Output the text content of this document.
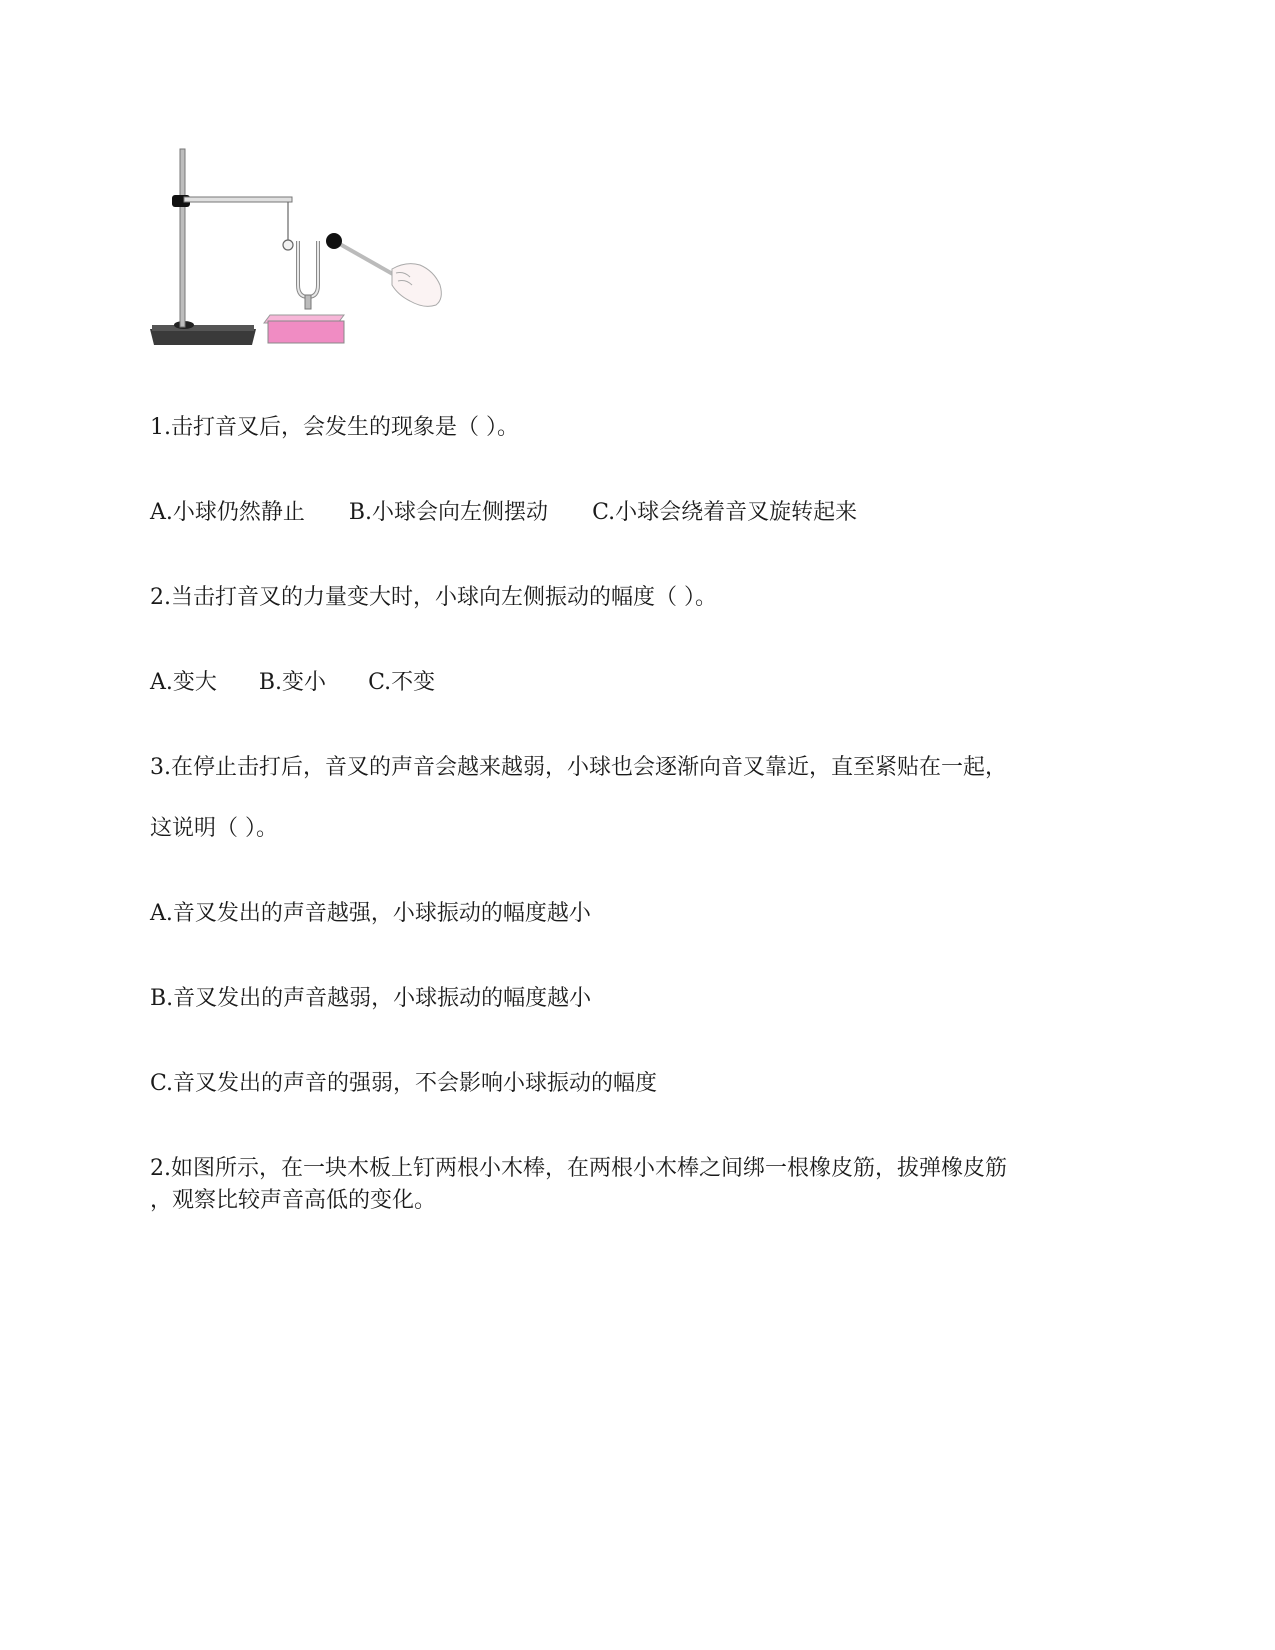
1.击打音叉后，会发生的现象是（ ）。
A.小球仍然静止 B.小球会向左侧摆动 C.小球会绕着音叉旋转起来
2.当击打音叉的力量变大时，小球向左侧振动的幅度（ ）。
A.变大 B.变小 C.不变
3.在停止击打后，音叉的声音会越来越弱，小球也会逐渐向音叉靠近，直至紧贴在一起，
这说明（ ）。
A.音叉发出的声音越强，小球振动的幅度越小
B.音叉发出的声音越弱，小球振动的幅度越小
C.音叉发出的声音的强弱，不会影响小球振动的幅度
2.如图所示，在一块木板上钉两根小木棒，在两根小木棒之间绑一根橡皮筋，拔弹橡皮筋
，观察比较声音高低的变化。
